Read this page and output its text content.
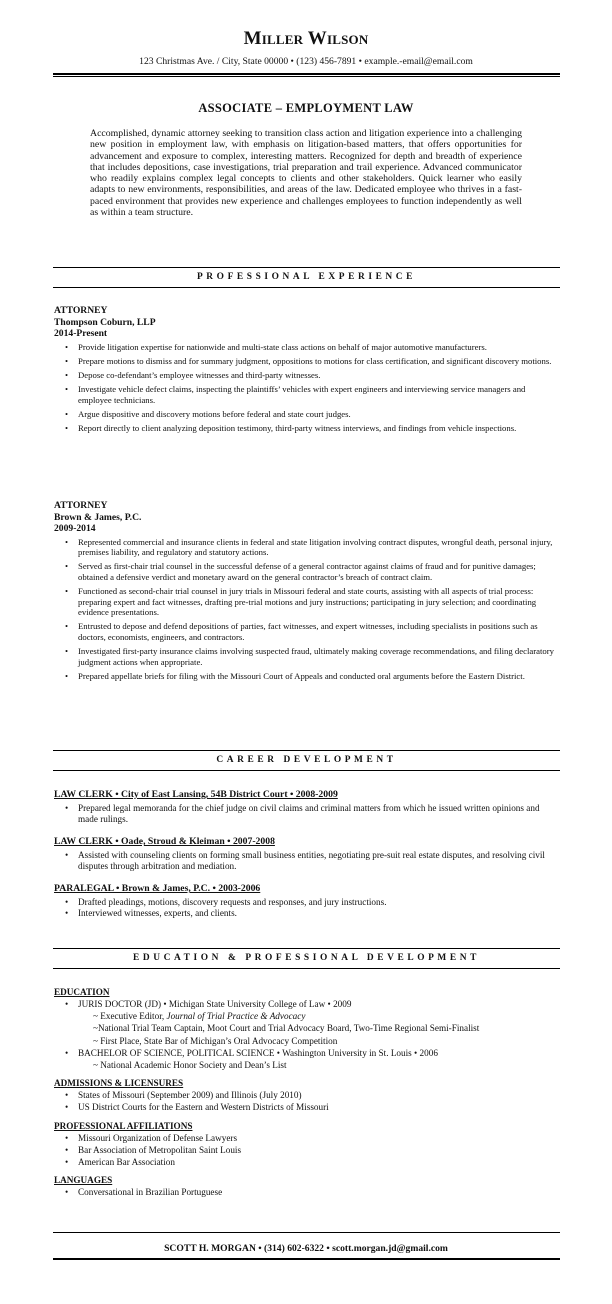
Miller Wilson
123 Christmas Ave. / City, State 00000 • (123) 456-7891 • example.-email@email.com
ASSOCIATE – EMPLOYMENT LAW

Accomplished, dynamic attorney seeking to transition class action and litigation experience into a challenging new position in employment law, with emphasis on litigation-based matters, that offers opportunities for advancement and exposure to complex, interesting matters. Recognized for depth and breadth of experience that includes depositions, case investigations, trial preparation and trail experience. Advanced communicator who readily explains complex legal concepts to clients and other stakeholders. Quick learner who easily adapts to new environments, responsibilities, and areas of the law. Dedicated employee who thrives in a fast-paced environment that provides new experience and challenges employees to function independently as well as within a team structure.

PROFESSIONAL EXPERIENCE
ATTORNEY
Thompson Coburn, LLP
2014-Present
• Provide litigation expertise for nationwide and multi-state class actions on behalf of major automotive manufacturers.
• Prepare motions to dismiss and for summary judgment, oppositions to motions for class certification, and significant discovery motions.
• Depose co-defendant’s employee witnesses and third-party witnesses.
• Investigate vehicle defect claims, inspecting the plaintiffs’ vehicles with expert engineers and interviewing service managers and employee technicians.
• Argue dispositive and discovery motions before federal and state court judges.
• Report directly to client analyzing deposition testimony, third-party witness interviews, and findings from vehicle inspections.
ATTORNEY
Brown & James, P.C.
2009-2014
• Represented commercial and insurance clients in federal and state litigation involving contract disputes, wrongful death, personal injury, premises liability, and regulatory and statutory actions.
• Served as first-chair trial counsel in the successful defense of a general contractor against claims of fraud and for punitive damages; obtained a defensive verdict and monetary award on the general contractor’s breach of contract claim.
• Functioned as second-chair trial counsel in jury trials in Missouri federal and state courts, assisting with all aspects of trial process: preparing expert and fact witnesses, drafting pre-trial motions and jury instructions; participating in jury selection; and coordinating evidence presentations.
• Entrusted to depose and defend depositions of parties, fact witnesses, and expert witnesses, including specialists in positions such as doctors, economists, engineers, and contractors.
• Investigated first-party insurance claims involving suspected fraud, ultimately making coverage recommendations, and filing declaratory judgment actions when appropriate.
• Prepared appellate briefs for filing with the Missouri Court of Appeals and conducted oral arguments before the Eastern District.
CAREER DEVELOPMENT
LAW CLERK • City of East Lansing, 54B District Court • 2008-2009
• Prepared legal memoranda for the chief judge on civil claims and criminal matters from which he issued written opinions and made rulings.
LAW CLERK • Oade, Stroud & Kleiman • 2007-2008
• Assisted with counseling clients on forming small business entities, negotiating pre-suit real estate disputes, and resolving civil disputes through arbitration and mediation.
PARALEGAL • Brown & James, P.C. • 2003-2006
• Drafted pleadings, motions, discovery requests and responses, and jury instructions.
• Interviewed witnesses, experts, and clients.
EDUCATION & PROFESSIONAL DEVELOPMENT
EDUCATION
• JURIS DOCTOR (JD) • Michigan State University College of Law • 2009
~ Executive Editor, Journal of Trial Practice & Advocacy
~National Trial Team Captain, Moot Court and Trial Advocacy Board, Two-Time Regional Semi-Finalist
~ First Place, State Bar of Michigan’s Oral Advocacy Competition
• BACHELOR OF SCIENCE, POLITICAL SCIENCE • Washington University in St. Louis • 2006
~ National Academic Honor Society and Dean’s List
ADMISSIONS & LICENSURES
• States of Missouri (September 2009) and Illinois (July 2010)
• US District Courts for the Eastern and Western Districts of Missouri
PROFESSIONAL AFFILIATIONS
• Missouri Organization of Defense Lawyers
• Bar Association of Metropolitan Saint Louis
• American Bar Association
LANGUAGES
• Conversational in Brazilian Portuguese
SCOTT H. MORGAN • (314) 602-6322 • scott.morgan.jd@gmail.com
